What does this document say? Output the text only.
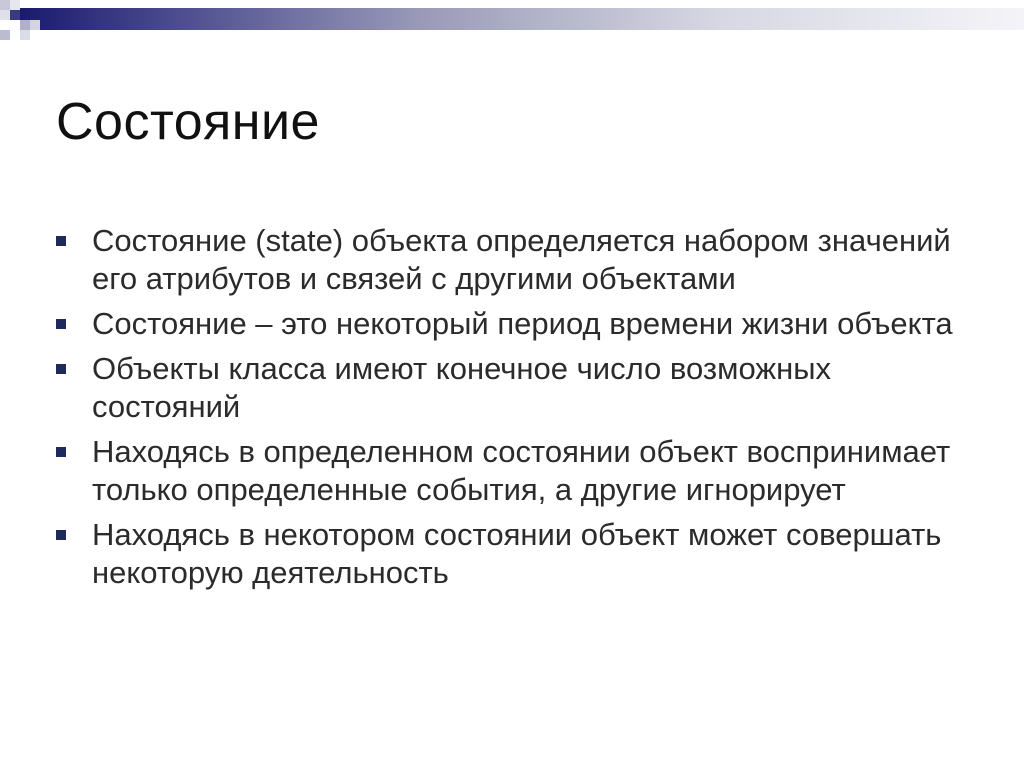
Состояние
Состояние (state) объекта определяется набором значений его атрибутов и связей с другими объектами
Состояние – это некоторый период времени жизни объекта
Объекты класса имеют конечное число возможных состояний
Находясь в определенном состоянии объект воспринимает только определенные события, а другие игнорирует
Находясь в некотором состоянии объект может совершать некоторую деятельность
